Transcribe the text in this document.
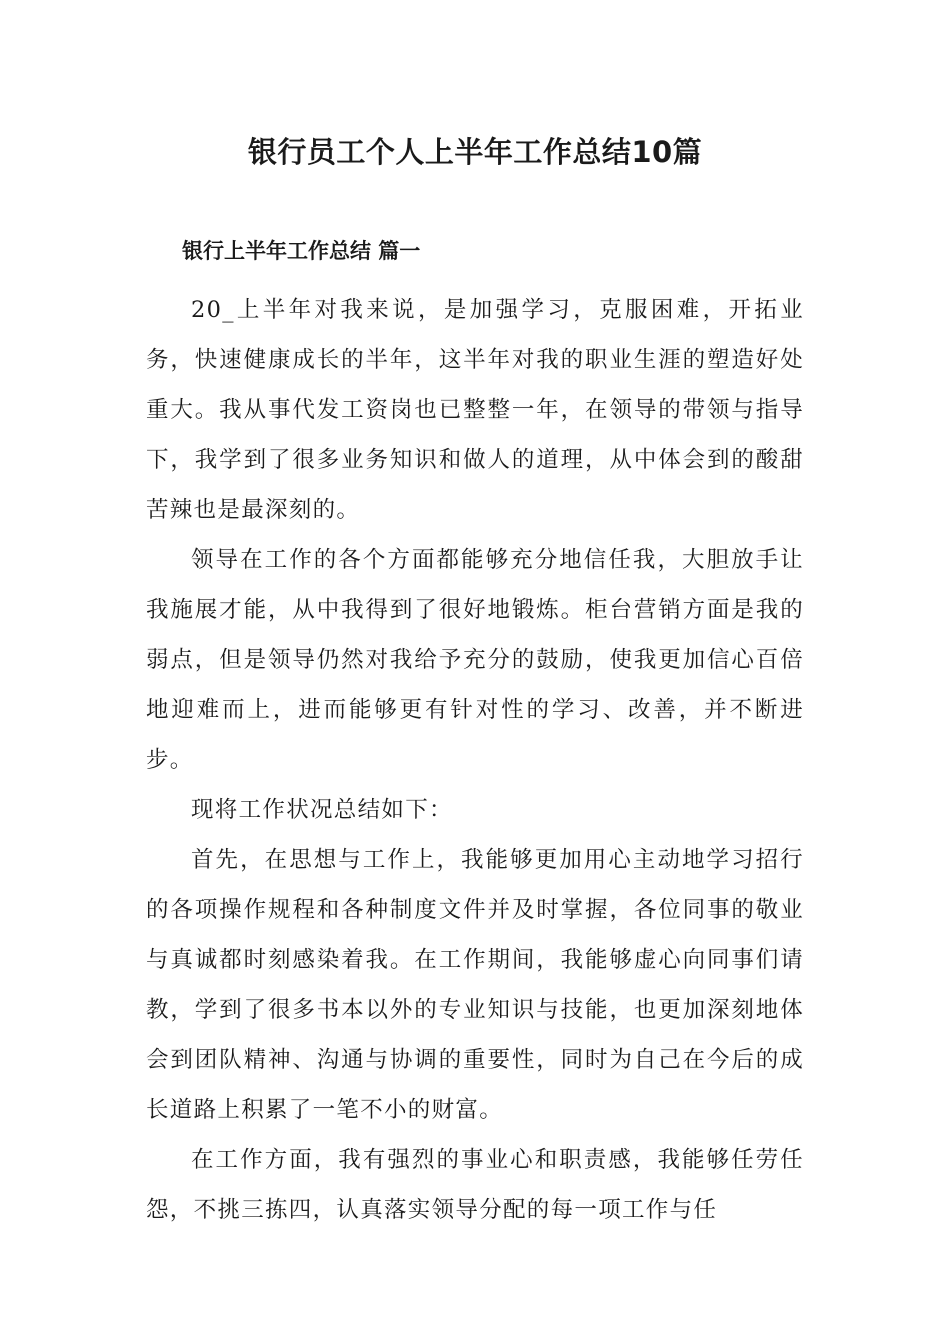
银行员工个人上半年工作总结10篇
银行上半年工作总结 篇一

20_上半年对我来说，是加强学习，克服困难，开拓业务，快速健康成长的半年，这半年对我的职业生涯的塑造好处重大。我从事代发工资岗也已整整一年，在领导的带领与指导下，我学到了很多业务知识和做人的道理，从中体会到的酸甜苦辣也是最深刻的。

领导在工作的各个方面都能够充分地信任我，大胆放手让我施展才能，从中我得到了很好地锻炼。柜台营销方面是我的弱点，但是领导仍然对我给予充分的鼓励，使我更加信心百倍地迎难而上，进而能够更有针对性的学习、改善，并不断进步。

现将工作状况总结如下：

首先，在思想与工作上，我能够更加用心主动地学习招行的各项操作规程和各种制度文件并及时掌握，各位同事的敬业与真诚都时刻感染着我。在工作期间，我能够虚心向同事们请教，学到了很多书本以外的专业知识与技能，也更加深刻地体会到团队精神、沟通与协调的重要性，同时为自己在今后的成长道路上积累了一笔不小的财富。

在工作方面，我有强烈的事业心和职责感，我能够任劳任怨，不挑三拣四，认真落实领导分配的每一项工作与任
